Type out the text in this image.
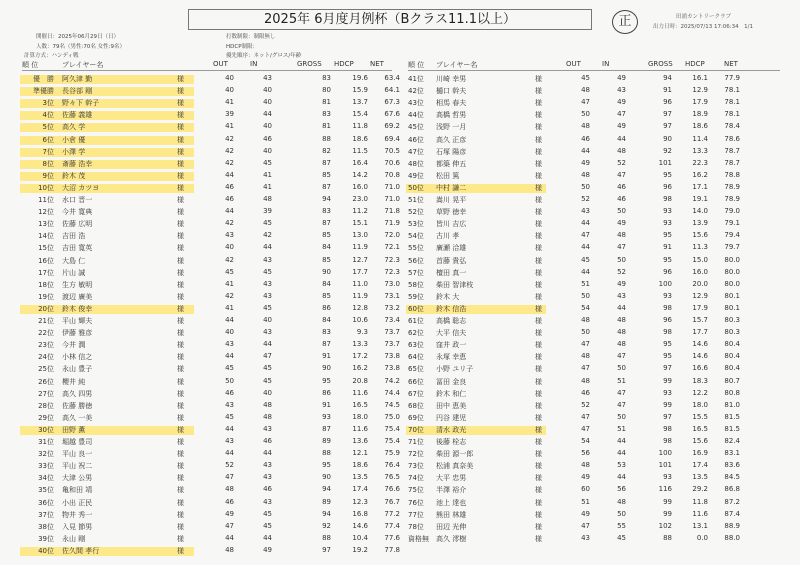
2025年 6月度月例杯（Bクラス11.1以上）	正	田浦カントリークラブ
出力日時：2025/07/13 17:06:34　1/1
開催日：2025年06月29日（日）
人数：79名（男性:70名 女性:9名）
計算方式：ハンディ戦
打数制限：制限無し
HDCP制限：
優先順序：ネット/グロス/年齢
順 位	プレイヤー名	OUT	IN	GROSS HDCP NET	順 位 プレイヤー名	OUT	IN	GROSS HDCP	NET
優　勝 阿久津 勤	様	40	43	83	19.6	63.4
準優勝 長谷部 剛	様	40	40	80	15.9	64.1
3位 野々下 幹子	様	41	40	81	13.7	67.3
4位 佐藤 義雄	様	39	44	83	15.4	67.6
5位 高久 学	様	41	40	81	11.8	69.2
6位 小倉 優	様	42	46	88	18.6	69.4
7位 小澤 学	様	42	40	82	11.5	70.5
8位 斎藤 浩幸	様	42	45	87	16.4	70.6
9位 鈴木 茂	様	44	41	85	14.2	70.8
10位 大沼 カツヨ	様	46	41	87	16.0	71.0
11位 水口 晋一	様	46	48	94	23.0	71.0
12位 今井 寛典	様	44	39	83	11.2	71.8
13位 佐藤 広明	様	42	45	87	15.1	71.9
14位 吉田 浩	様	43	42	85	13.0	72.0
15位 吉田 寛英	様	40	44	84	11.9	72.1
16位 大島 仁	様	42	43	85	12.7	72.3
17位 片山 誠	様	45	45	90	17.7	72.3
18位 生方 敏明	様	41	43	84	11.0	73.0
19位 渡辺 廣美	様	42	43	85	11.9	73.1
20位 鈴木 俊幸	様	41	45	86	12.8	73.2
21位 平山 輝夫	様	44	40	84	10.6	73.4
22位 伊藤 雅彦	様	40	43	83	9.3	73.7
23位 今井 潤	様	43	44	87	13.3	73.7
24位 小林 信之	様	44	47	91	17.2	73.8
25位 永山 豊子	様	45	45	90	16.2	73.8
26位 櫻井 純	様	50	45	95	20.8	74.2
27位 高久 四男	様	46	40	86	11.6	74.4
28位 佐藤 勝徳	様	43	48	91	16.5	74.5
29位 高久 一美	様	45	48	93	18.0	75.0
30位 田野 薫	様	44	43	87	11.6	75.4
31位 堀越 豊司	様	43	46	89	13.6	75.4
32位 平山 良一	様	44	44	88	12.1	75.9
33位 平山 祝二	様	52	43	95	18.6	76.4
34位 大津 公男	様	47	43	90	13.5	76.5
35位 亀和田 靖	様	48	46	94	17.4	76.6
36位 小出 正民	様	46	43	89	12.3	76.7
37位 物井 秀一	様	49	45	94	16.8	77.2
38位 入見 節男	様	47	45	92	14.6	77.4
39位 永山 剛	様	44	44	88	10.4	77.6
40位 佐久間 孝行	様	48	49	97	19.2	77.8
41位	川崎 幸男	様	45	49	94	16.1	77.9
42位	樋口 幹夫	様	48	43	91	12.9	78.1
43位	相馬 春夫	様	47	49	96	17.9	78.1
44位	高橋 哲男	様	50	47	97	18.9	78.1
45位	浅野 一月	様	48	49	97	18.6	78.4
46位	高久 正彦	様	46	44	90	11.4	78.6
47位	石塚 陽彦	様	44	48	92	13.3	78.7
48位	都築 伸五	様	49	52	101	22.3	78.7
49位	松田 篤	様	48	47	95	16.2	78.8
50位	中村 謙二	様	50	46	96	17.1	78.9
51位	嵩川 晃平	様	52	46	98	19.1	78.9
52位	草野 徳幸	様	43	50	93	14.0	79.0
53位	皆川 吉広	様	44	49	93	13.9	79.1
54位	古川 孝	様	47	48	95	15.6	79.4
55位	廣瀬 洽雄	様	44	47	91	11.3	79.7
56位	首藤 貴弘	様	45	50	95	15.0	80.0
57位	檀田 真一	様	44	52	96	16.0	80.0
58位	柴田 智津枝	様	51	49	100	20.0	80.0
59位	鈴木 大	様	50	43	93	12.9	80.1
60位	鈴木 信浩	様	54	44	98	17.9	80.1
61位	高橋 聡志	様	48	48	96	15.7	80.3
62位	大平 信夫	様	50	48	98	17.7	80.3
63位	窪井 政一	様	47	48	95	14.6	80.4
64位	永塚 幸恵	様	48	47	95	14.6	80.4
65位	小野 ユリ子	様	47	50	97	16.6	80.4
66位	冨田 金良	様	48	51	99	18.3	80.7
67位	鈴木 和仁	様	46	47	93	12.2	80.8
68位	田中 恵美	様	52	47	99	18.0	81.0
69位	円谷 建児	様	47	50	97	15.5	81.5
70位	清水 政光	様	47	51	98	16.5	81.5
71位	後藤 栓志	様	54	44	98	15.6	82.4
72位	柴田 源一郎	様	56	44	100	16.9	83.1
73位	松浦 真奈美	様	48	53	101	17.4	83.6
74位	大平 忠男	様	49	44	93	13.5	84.5
75位	半澤 裕介	様	60	56	116	29.2	86.8
76位	池上 達也	様	51	48	99	11.8	87.2
77位	熊田 林雄	様	49	50	99	11.6	87.4
78位	田辺 光伸	様	47	55	102	13.1	88.9
資格無	高久 澪樹	様	43	45	88	0.0	88.0
